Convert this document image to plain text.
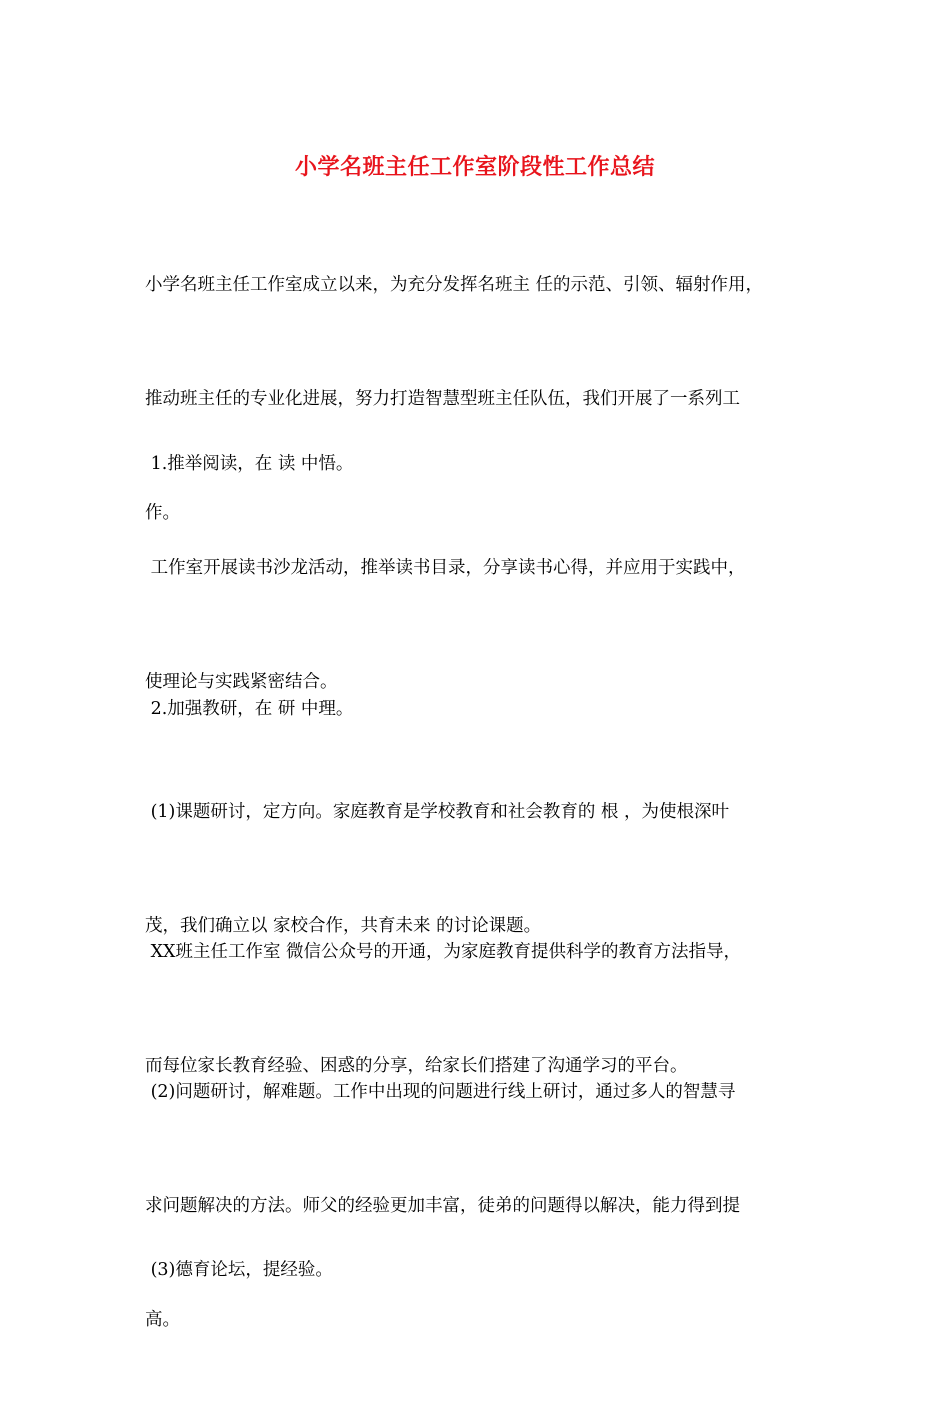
小学名班主任工作室阶段性工作总结

小学名班主任工作室成立以来，为充分发挥名班主 任的示范、引领、辐射作用，

推动班主任的专业化进展，努力打造智慧型班主任队伍，我们开展了一系列工

作。

1.推举阅读，在 读 中悟。

工作室开展读书沙龙活动，推举读书目录，分享读书心得，并应用于实践中，

使理论与实践紧密结合。

2.加强教研，在 研 中理。

(1)课题研讨，定方向。家庭教育是学校教育和社会教育的 根 ，为使根深叶

茂，我们确立以 家校合作，共育未来 的讨论课题。

XX班主任工作室 微信公众号的开通，为家庭教育提供科学的教育方法指导，

而每位家长教育经验、困惑的分享，给家长们搭建了沟通学习的平台。

(2)问题研讨，解难题。工作中出现的问题进行线上研讨，通过多人的智慧寻

求问题解决的方法。师父的经验更加丰富，徒弟的问题得以解决，能力得到提

高。

(3)德育论坛，提经验。
